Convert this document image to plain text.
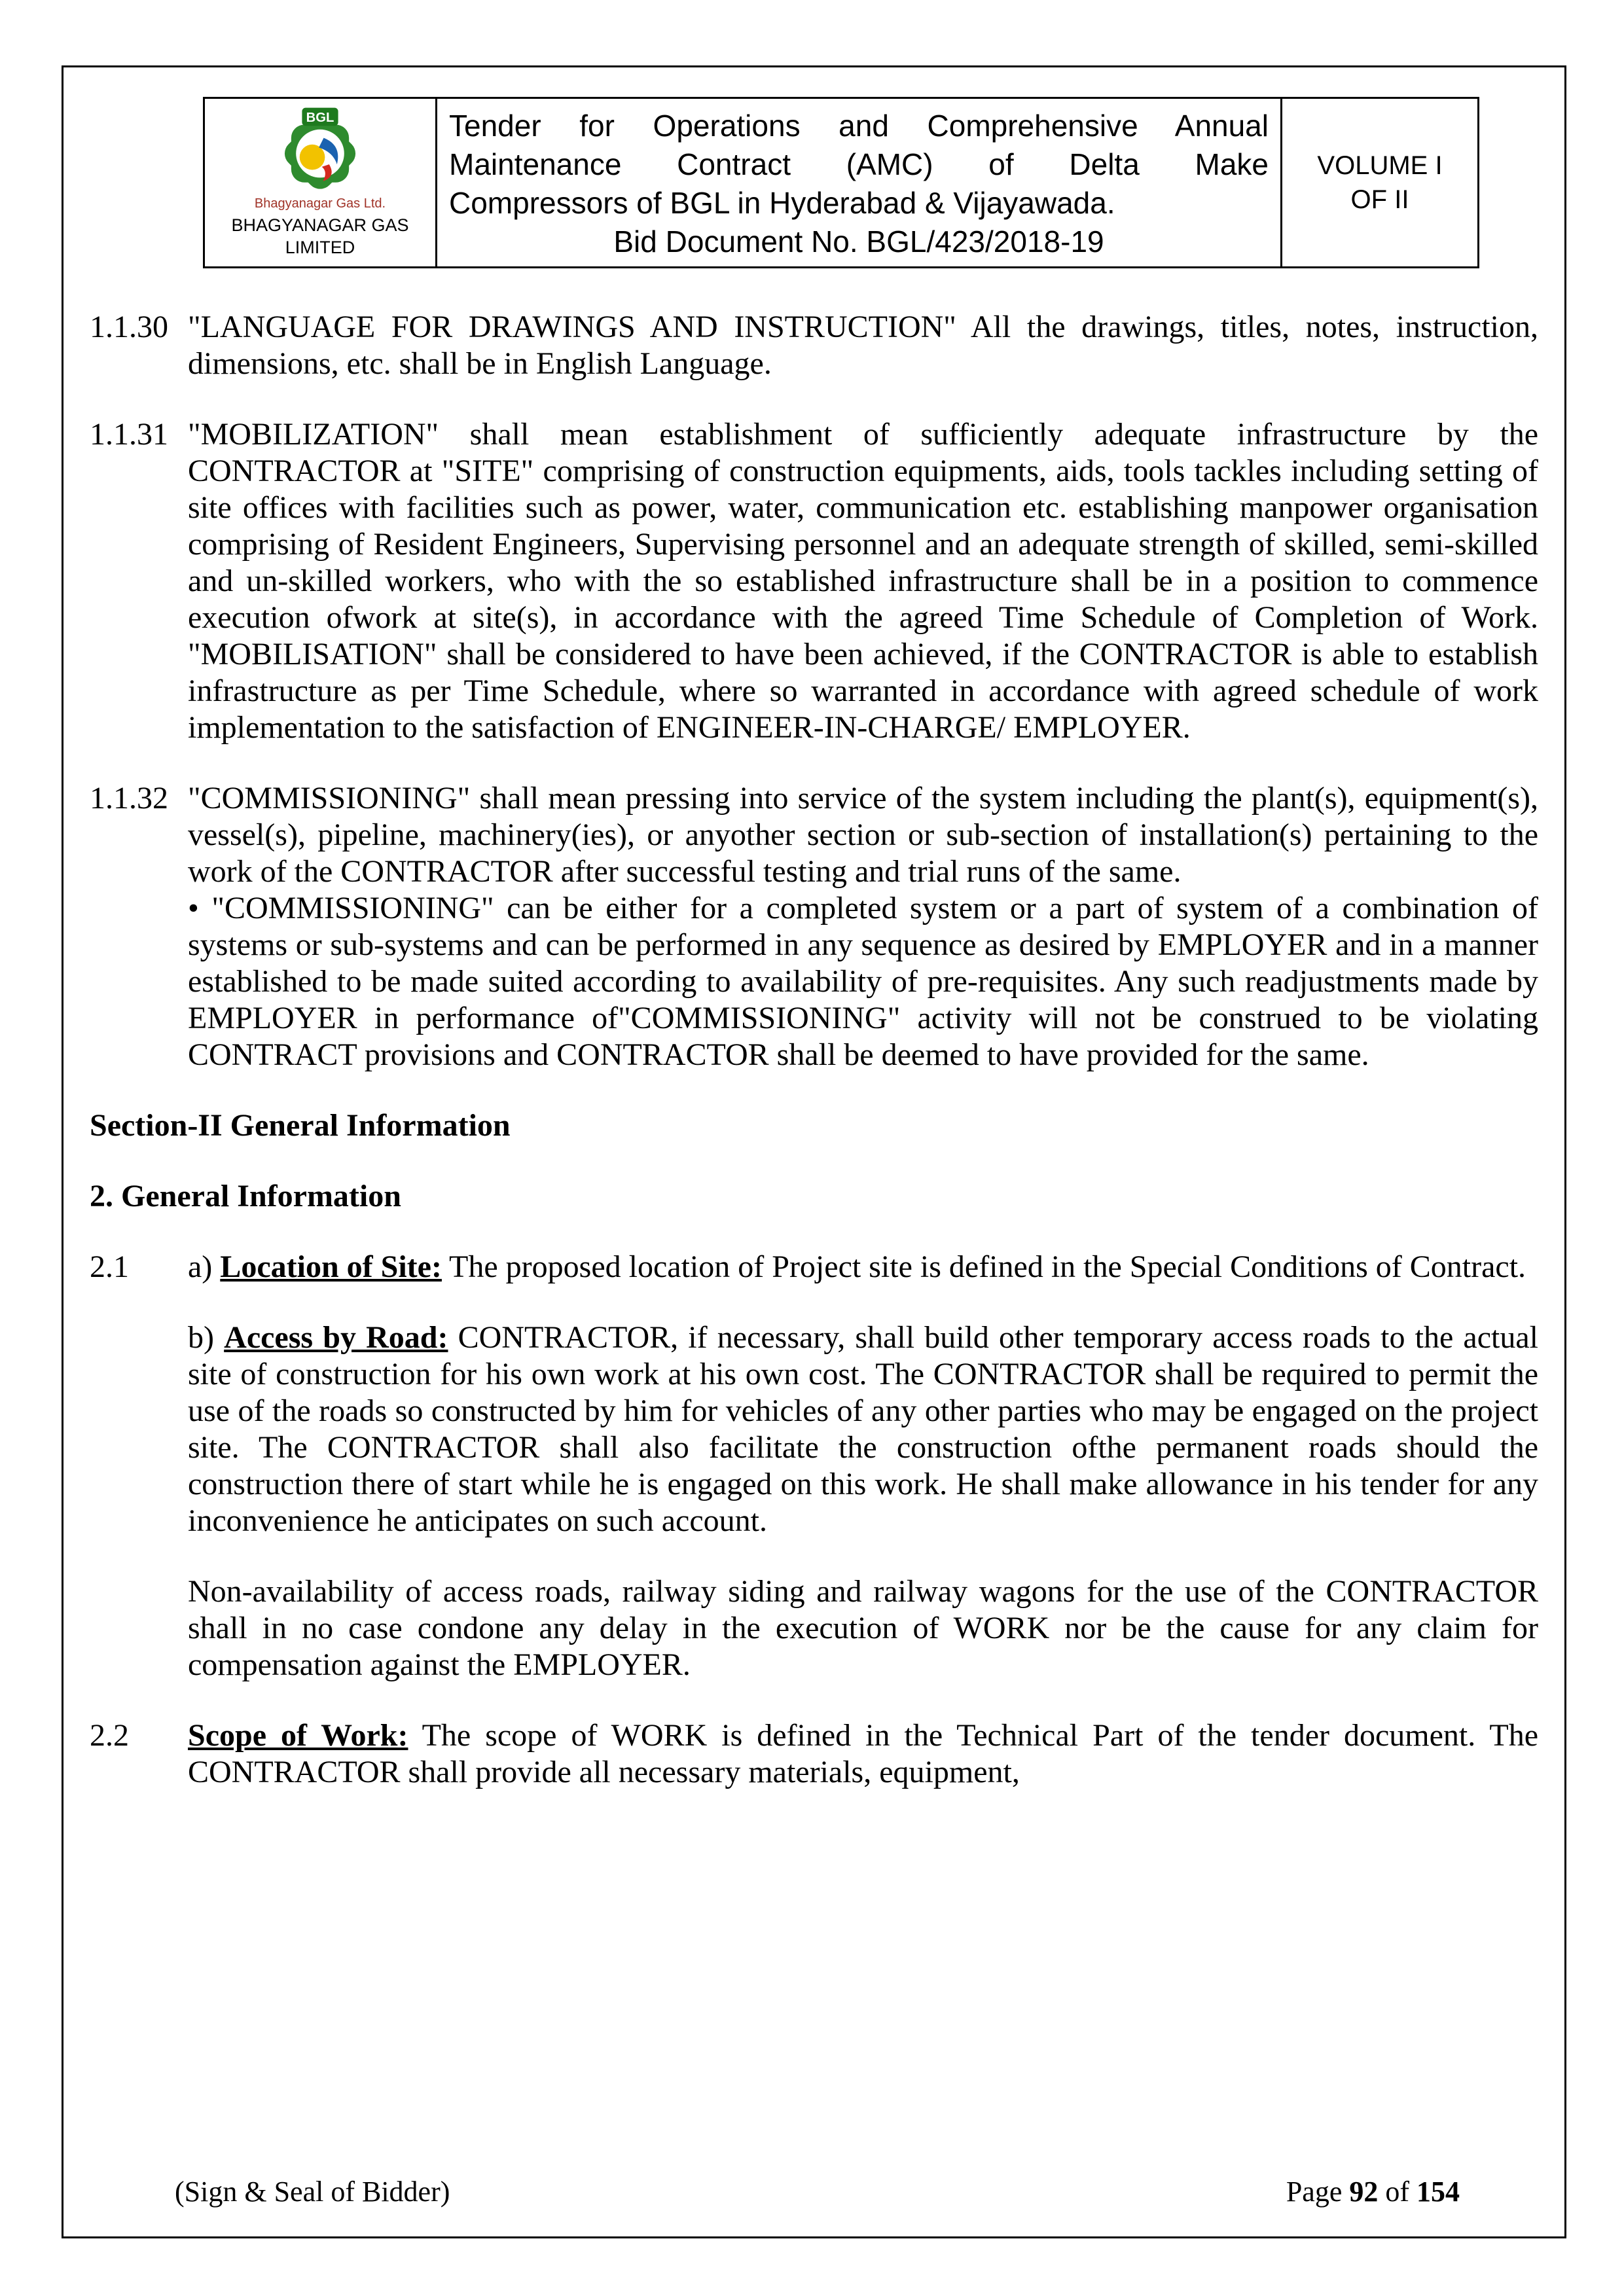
BGL
Bhagyanagar Gas Ltd.
BHAGYANAGAR GAS
LIMITED
Tender for Operations and Comprehensive Annual
Maintenance Contract (AMC) of Delta Make
Compressors of BGL in Hyderabad & Vijayawada.
Bid Document No. BGL/423/2018-19
VOLUME I
OF II
1.1.30 "LANGUAGE FOR DRAWINGS AND INSTRUCTION" All the drawings, titles, notes, instruction, dimensions, etc. shall be in English Language.
1.1.31 "MOBILIZATION" shall mean establishment of sufficiently adequate infrastructure by the CONTRACTOR at "SITE" comprising of construction equipments, aids, tools tackles including setting of site offices with facilities such as power, water, communication etc. establishing manpower organisation comprising of Resident Engineers, Supervising personnel and an adequate strength of skilled, semi-skilled and un-skilled workers, who with the so established infrastructure shall be in a position to commence execution ofwork at site(s), in accordance with the agreed Time Schedule of Completion of Work. "MOBILISATION" shall be considered to have been achieved, if the CONTRACTOR is able to establish infrastructure as per Time Schedule, where so warranted in accordance with agreed schedule of work implementation to the satisfaction of ENGINEER-IN-CHARGE/ EMPLOYER.
1.1.32 "COMMISSIONING" shall mean pressing into service of the system including the plant(s), equipment(s), vessel(s), pipeline, machinery(ies), or anyother section or sub-section of installation(s) pertaining to the work of the CONTRACTOR after successful testing and trial runs of the same.
• "COMMISSIONING" can be either for a completed system or a part of system of a combination of systems or sub-systems and can be performed in any sequence as desired by EMPLOYER and in a manner established to be made suited according to availability of pre-requisites. Any such readjustments made by EMPLOYER in performance of"COMMISSIONING" activity will not be construed to be violating CONTRACT provisions and CONTRACTOR shall be deemed to have provided for the same.
Section-II General Information
2. General Information
2.1	a) Location of Site: The proposed location of Project site is defined in the Special Conditions of Contract.
b) Access by Road: CONTRACTOR, if necessary, shall build other temporary access roads to the actual site of construction for his own work at his own cost. The CONTRACTOR shall be required to permit the use of the roads so constructed by him for vehicles of any other parties who may be engaged on the project site. The CONTRACTOR shall also facilitate the construction ofthe permanent roads should the construction there of start while he is engaged on this work. He shall make allowance in his tender for any inconvenience he anticipates on such account.
Non-availability of access roads, railway siding and railway wagons for the use of the CONTRACTOR shall in no case condone any delay in the execution of WORK nor be the cause for any claim for compensation against the EMPLOYER.
2.2	Scope of Work: The scope of WORK is defined in the Technical Part of the tender document. The CONTRACTOR shall provide all necessary materials, equipment,
(Sign & Seal of Bidder)	Page 92 of 154
